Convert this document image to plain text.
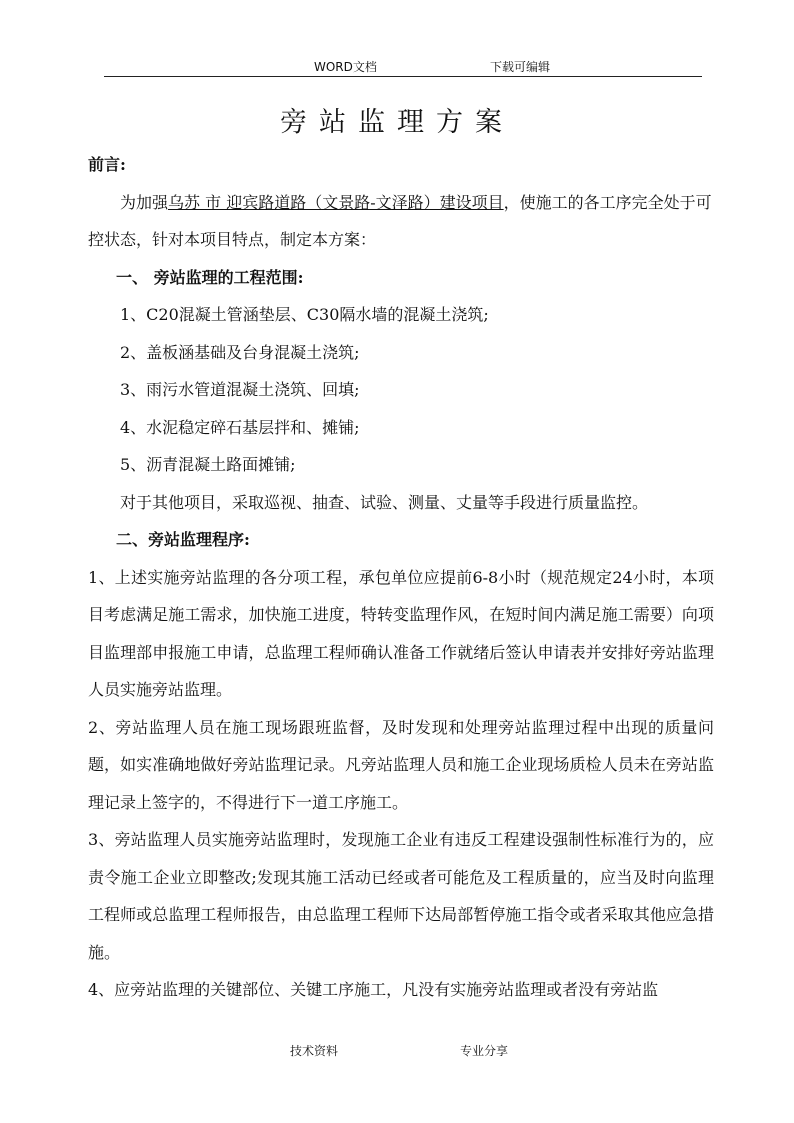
WORD文档	下载可编辑
旁站监理方案

前言:

为加强乌苏 市 迎宾路道路（文景路-文泽路）建设项目，使施工的各工序完全处于可

控状态，针对本项目特点，制定本方案：

一、 旁站监理的工程范围:

1、C20混凝土管涵垫层、C30隔水墙的混凝土浇筑;

2、盖板涵基础及台身混凝土浇筑;

3、雨污水管道混凝土浇筑、回填;

4、水泥稳定碎石基层拌和、摊铺;

5、沥青混凝土路面摊铺;

对于其他项目，采取巡视、抽查、试验、测量、丈量等手段进行质量监控。

二、旁站监理程序:

1、上述实施旁站监理的各分项工程，承包单位应提前6-8小时（规范规定24小时，本项目考虑满足施工需求，加快施工进度，特转变监理作风，在短时间内满足施工需要）向项目监理部申报施工申请，总监理工程师确认准备工作就绪后签认申请表并安排好旁站监理人员实施旁站监理。

2、旁站监理人员在施工现场跟班监督，及时发现和处理旁站监理过程中出现的质量问题，如实准确地做好旁站监理记录。凡旁站监理人员和施工企业现场质检人员未在旁站监理记录上签字的，不得进行下一道工序施工。

3、旁站监理人员实施旁站监理时，发现施工企业有违反工程建设强制性标准行为的，应责令施工企业立即整改;发现其施工活动已经或者可能危及工程质量的，应当及时向监理工程师或总监理工程师报告，由总监理工程师下达局部暂停施工指令或者采取其他应急措施。

4、应旁站监理的关键部位、关键工序施工，凡没有实施旁站监理或者没有旁站监

技术资料	专业分享
